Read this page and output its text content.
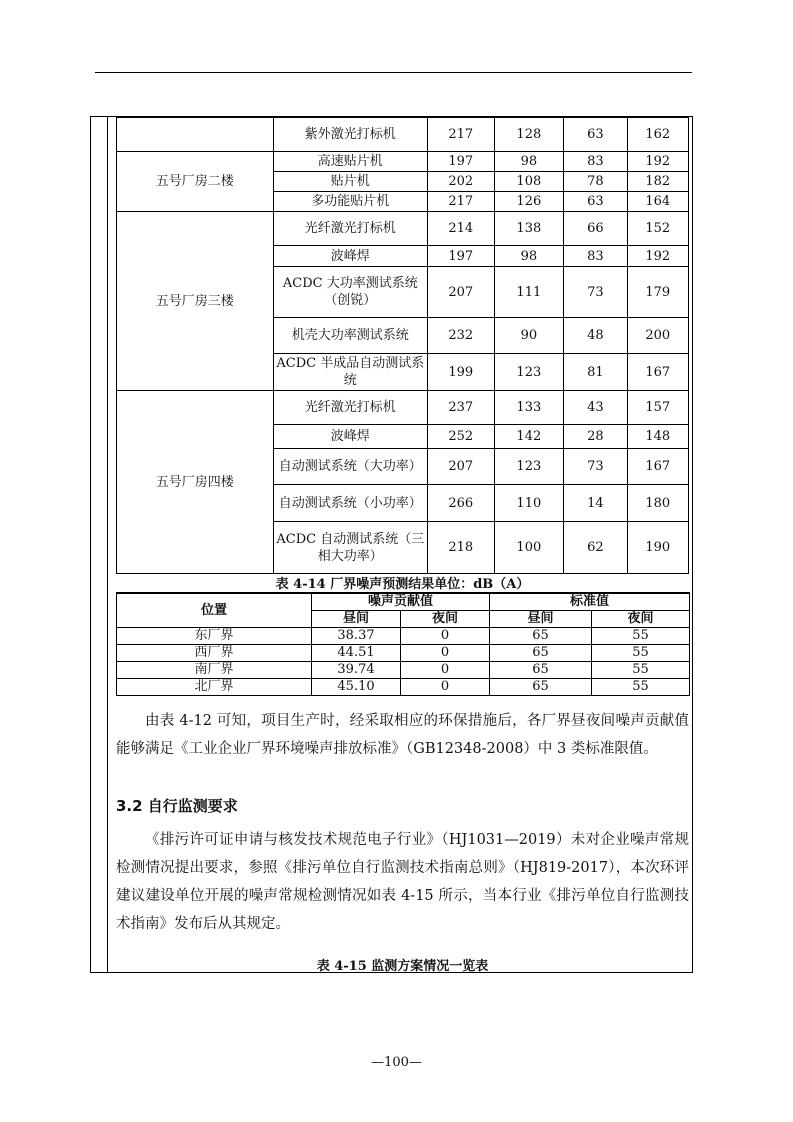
	紫外激光打标机	217	128	63	162
五号厂房二楼	高速贴片机	197	98	83	192
	贴片机	202	108	78	182
	多功能贴片机	217	126	63	164
五号厂房三楼	光纤激光打标机	214	138	66	152
	波峰焊	197	98	83	192
	ACDC 大功率测试系统（创锐）	207	111	73	179
	机壳大功率测试系统	232	90	48	200
	ACDC 半成品自动测试系统	199	123	81	167
五号厂房四楼	光纤激光打标机	237	133	43	157
	波峰焊	252	142	28	148
	自动测试系统（大功率）	207	123	73	167
	自动测试系统（小功率）	266	110	14	180
	ACDC 自动测试系统（三相大功率）	218	100	62	190
表 4-14 厂界噪声预测结果单位：dB（A）
位置	噪声贡献值		标准值	
	昼间	夜间	昼间	夜间
东厂界	38.37	0	65	55
西厂界	44.51	0	65	55
南厂界	39.74	0	65	55
北厂界	45.10	0	65	55
由表 4-12 可知，项目生产时，经采取相应的环保措施后，各厂界昼夜间噪声贡献值能够满足《工业企业厂界环境噪声排放标准》（GB12348-2008）中 3 类标准限值。
3.2 自行监测要求
《排污许可证申请与核发技术规范电子行业》（HJ1031—2019）未对企业噪声常规检测情况提出要求，参照《排污单位自行监测技术指南总则》（HJ819-2017），本次环评建议建设单位开展的噪声常规检测情况如表 4-15 所示，当本行业《排污单位自行监测技术指南》发布后从其规定。
表 4-15 监测方案情况一览表
—100—
